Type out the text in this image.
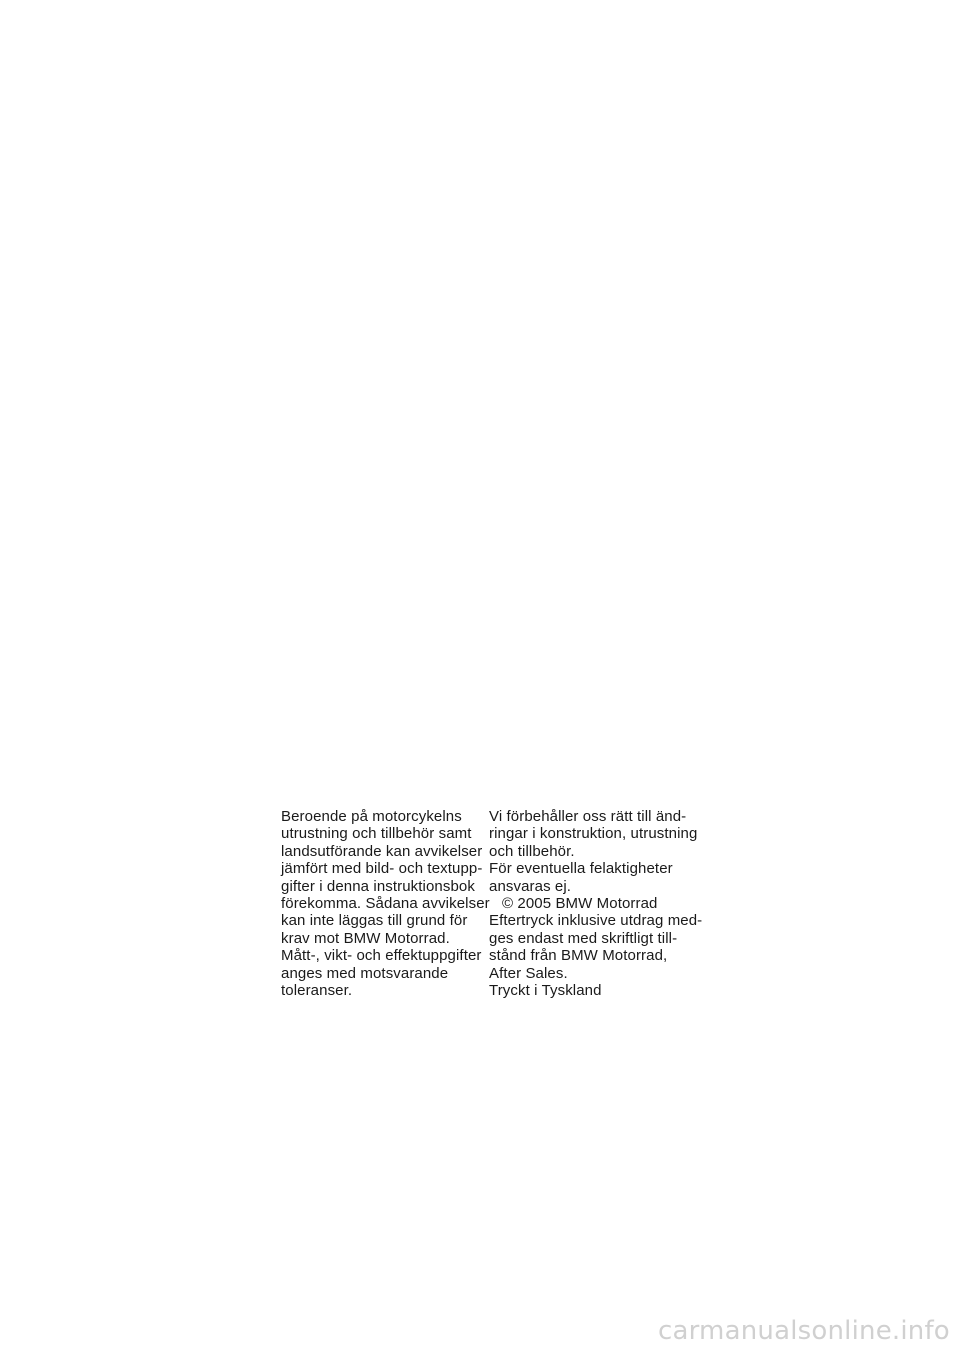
Beroende på motorcykelns
utrustning och tillbehör samt
landsutförande kan avvikelser
jämfört med bild- och textupp-
gifter i denna instruktionsbok
förekomma. Sådana avvikelser
kan inte läggas till grund för
krav mot BMW Motorrad.
Mått-, vikt- och effektuppgifter
anges med motsvarande
toleranser.
Vi förbehåller oss rätt till änd-
ringar i konstruktion, utrustning
och tillbehör.
För eventuella felaktigheter
ansvaras ej.
© 2005 BMW Motorrad
Eftertryck inklusive utdrag med-
ges endast med skriftligt till-
stånd från BMW Motorrad,
After Sales.
Tryckt i Tyskland
carmanualsonline.info
